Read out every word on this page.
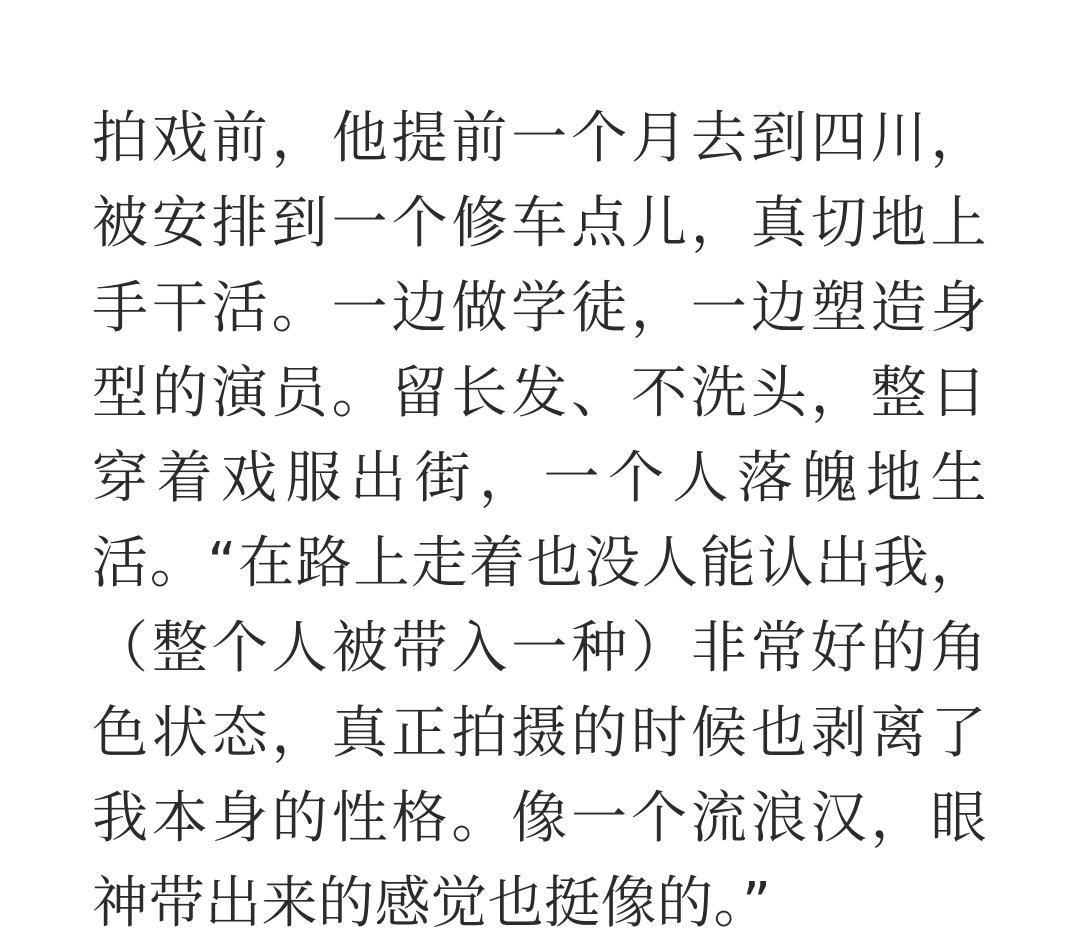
拍戏前，他提前一个月去到四川，被安排到一个修车点儿，真切地上手干活。一边做学徒，一边塑造身型的演员。留长发、不洗头，整日穿着戏服出街，一个人落魄地生活。“在路上走着也没人能认出我，（整个人被带入一种）非常好的角色状态，真正拍摄的时候也剥离了我本身的性格。像一个流浪汉，眼神带出来的感觉也挺像的。”
